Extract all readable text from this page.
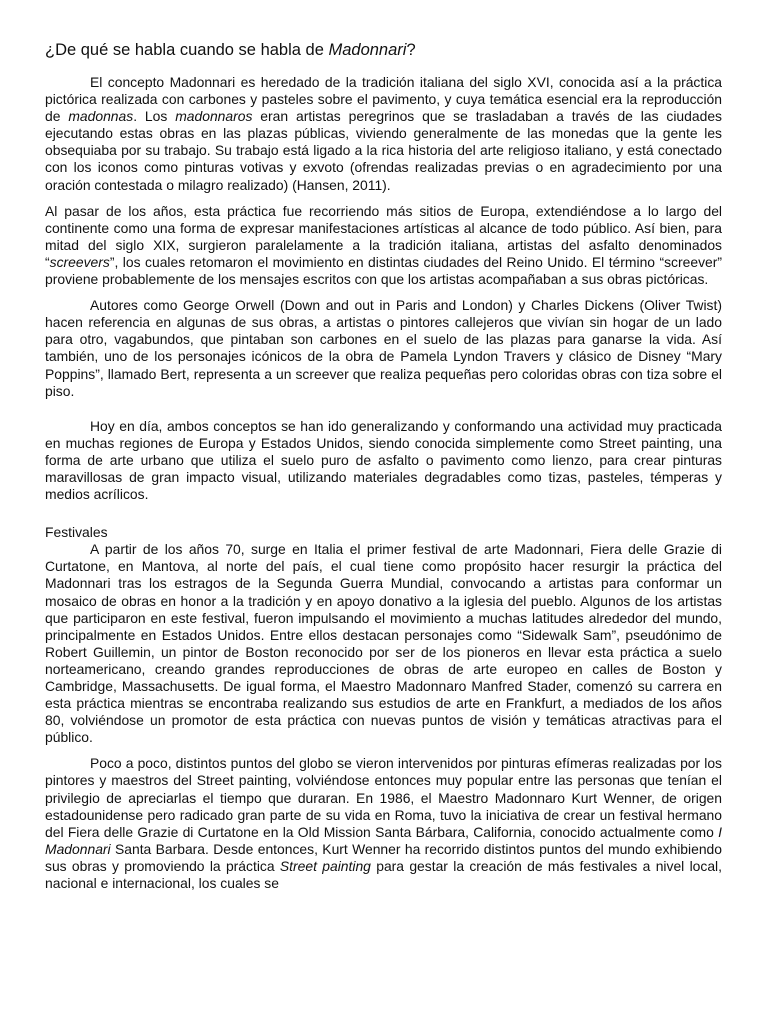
¿De qué se habla cuando se habla de Madonnari?

El concepto Madonnari es heredado de la tradición italiana del siglo XVI, conocida así a la práctica pictórica realizada con carbones y pasteles sobre el pavimento, y cuya temática esencial era la reproducción de madonnas. Los madonnaros eran artistas peregrinos que se trasladaban a través de las ciudades ejecutando estas obras en las plazas públicas, viviendo generalmente de las monedas que la gente les obsequiaba por su trabajo. Su trabajo está ligado a la rica historia del arte religioso italiano, y está conectado con los iconos como pinturas votivas y exvoto (ofrendas realizadas previas o en agradecimiento por una oración contestada o milagro realizado) (Hansen, 2011).

Al pasar de los años, esta práctica fue recorriendo más sitios de Europa, extendiéndose a lo largo del continente como una forma de expresar manifestaciones artísticas al alcance de todo público. Así bien, para mitad del siglo XIX, surgieron paralelamente a la tradición italiana, artistas del asfalto denominados “screevers”, los cuales retomaron el movimiento en distintas ciudades del Reino Unido. El término “screever” proviene probablemente de los mensajes escritos con que los artistas acompañaban a sus obras pictóricas.

Autores como George Orwell (Down and out in Paris and London) y Charles Dickens (Oliver Twist) hacen referencia en algunas de sus obras, a artistas o pintores callejeros que vivían sin hogar de un lado para otro, vagabundos, que pintaban son carbones en el suelo de las plazas para ganarse la vida. Así también, uno de los personajes icónicos de la obra de Pamela Lyndon Travers y clásico de Disney “Mary Poppins”, llamado Bert, representa a un screever que realiza pequeñas pero coloridas obras con tiza sobre el piso.

Hoy en día, ambos conceptos se han ido generalizando y conformando una actividad muy practicada en muchas regiones de Europa y Estados Unidos, siendo conocida simplemente como Street painting, una forma de arte urbano que utiliza el suelo puro de asfalto o pavimento como lienzo, para crear pinturas maravillosas de gran impacto visual, utilizando materiales degradables como tizas, pasteles, témperas y medios acrílicos.

Festivales

A partir de los años 70, surge en Italia el primer festival de arte Madonnari, Fiera delle Grazie di Curtatone, en Mantova, al norte del país, el cual tiene como propósito hacer resurgir la práctica del Madonnari tras los estragos de la Segunda Guerra Mundial, convocando a artistas para conformar un mosaico de obras en honor a la tradición y en apoyo donativo a la iglesia del pueblo. Algunos de los artistas que participaron en este festival, fueron impulsando el movimiento a muchas latitudes alrededor del mundo, principalmente en Estados Unidos. Entre ellos destacan personajes como “Sidewalk Sam”, pseudónimo de Robert Guillemin, un pintor de Boston reconocido por ser de los pioneros en llevar esta práctica a suelo norteamericano, creando grandes reproducciones de obras de arte europeo en calles de Boston y Cambridge, Massachusetts. De igual forma, el Maestro Madonnaro Manfred Stader, comenzó su carrera en esta práctica mientras se encontraba realizando sus estudios de arte en Frankfurt, a mediados de los años 80, volviéndose un promotor de esta práctica con nuevas puntos de visión y temáticas atractivas para el público.

Poco a poco, distintos puntos del globo se vieron intervenidos por pinturas efímeras realizadas por los pintores y maestros del Street painting, volviéndose entonces muy popular entre las personas que tenían el privilegio de apreciarlas el tiempo que duraran. En 1986, el Maestro Madonnaro Kurt Wenner, de origen estadounidense pero radicado gran parte de su vida en Roma, tuvo la iniciativa de crear un festival hermano del Fiera delle Grazie di Curtatone en la Old Mission Santa Bárbara, California, conocido actualmente como I Madonnari Santa Barbara. Desde entonces, Kurt Wenner ha recorrido distintos puntos del mundo exhibiendo sus obras y promoviendo la práctica Street painting para gestar la creación de más festivales a nivel local, nacional e internacional, los cuales se
